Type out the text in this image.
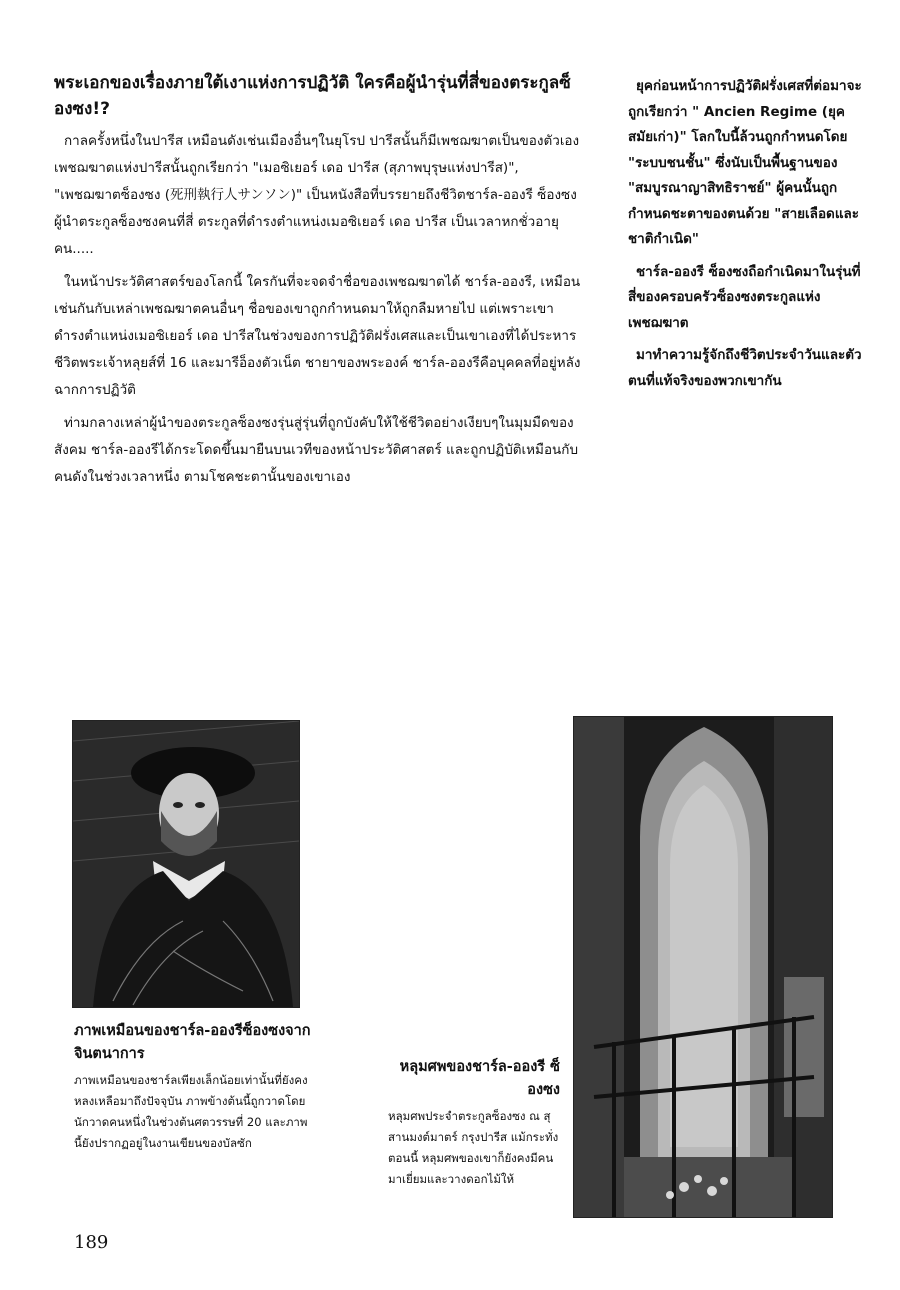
พระเอกของเรื่องภายใต้เงาแห่งการปฏิวัติ ใครคือผู้นำรุ่นที่สี่ของตระกูลซ็องซง!?

กาลครั้งหนึ่งในปารีส เหมือนดังเช่นเมืองอื่นๆในยุโรป ปารีสนั้นก็มีเพชฌฆาตเป็นของตัวเอง เพชฌฆาตแห่งปารีสนั้นถูกเรียกว่า "เมอซิเยอร์ เดอ ปารีส (สุภาพบุรุษแห่งปารีส)", "เพชฌฆาตซ็องซง (死刑執行人サンソン)" เป็นหนังสือที่บรรยายถึงชีวิตชาร์ล-อองรี ซ็องซง ผู้นำตระกูลซ็องซงคนที่สี่ ตระกูลที่ดำรงตำแหน่งเมอซิเยอร์ เดอ ปารีส เป็นเวลาหกชั่วอายุคน.....

ในหน้าประวัติศาสตร์ของโลกนี้ ใครกันที่จะจดจำชื่อของเพชฌฆาตได้ ชาร์ล-อองรี, เหมือนเช่นกันกับเหล่าเพชฌฆาตคนอื่นๆ ชื่อของเขาถูกกำหนดมาให้ถูกลืมหายไป แต่เพราะเขาดำรงตำแหน่งเมอซิเยอร์ เดอ ปารีสในช่วงของการปฏิวัติฝรั่งเศสและเป็นเขาเองที่ได้ประหารชีวิตพระเจ้าหลุยส์ที่ 16 และมารีอ็องตัวเน็ต ชายาของพระองค์ ชาร์ล-อองรีคือบุคคลที่อยู่หลังฉากการปฏิวัติ

ท่ามกลางเหล่าผู้นำของตระกูลซ็องซงรุ่นสู่รุ่นที่ถูกบังคับให้ใช้ชีวิตอย่างเงียบๆในมุมมืดของสังคม ชาร์ล-อองรีได้กระโดดขึ้นมายืนบนเวทีของหน้าประวัติศาสตร์ และถูกปฏิบัติเหมือนกับคนดังในช่วงเวลาหนึ่ง ตามโชคชะตานั้นของเขาเอง

ยุคก่อนหน้าการปฏิวัติฝรั่งเศสที่ต่อมาจะถูกเรียกว่า " Ancien Regime (ยุคสมัยเก่า)" โลกใบนี้ล้วนถูกกำหนดโดย "ระบบชนชั้น" ซึ่งนับเป็นพื้นฐานของ "สมบูรณาญาสิทธิราชย์" ผู้คนนั้นถูกกำหนดชะตาของตนด้วย "สายเลือดและชาติกำเนิด"

ชาร์ล-อองรี ซ็องซงถือกำเนิดมาในรุ่นที่สี่ของครอบครัวซ็องซงตระกูลแห่งเพชฌฆาต

มาทำความรู้จักถึงชีวิตประจำวันและตัวตนที่แท้จริงของพวกเขากัน

ภาพเหมือนของชาร์ล-อองรีซ็องซงจากจินตนาการ

ภาพเหมือนของชาร์ลเพียงเล็กน้อยเท่านั้นที่ยังคงหลงเหลือมาถึงปัจจุบัน ภาพข้างต้นนี้ถูกวาดโดยนักวาดคนหนึ่งในช่วงต้นศตวรรษที่ 20 และภาพนี้ยังปรากฏอยู่ในงานเขียนของบัลซัก

หลุมศพของชาร์ล-อองรี ซ็องซง

หลุมศพประจำตระกูลซ็องซง ณ สุสานมงต์มาตร์ กรุงปารีส แม้กระทั่งตอนนี้ หลุมศพของเขาก็ยังคงมีคนมาเยี่ยมและวางดอกไม้ให้

189
